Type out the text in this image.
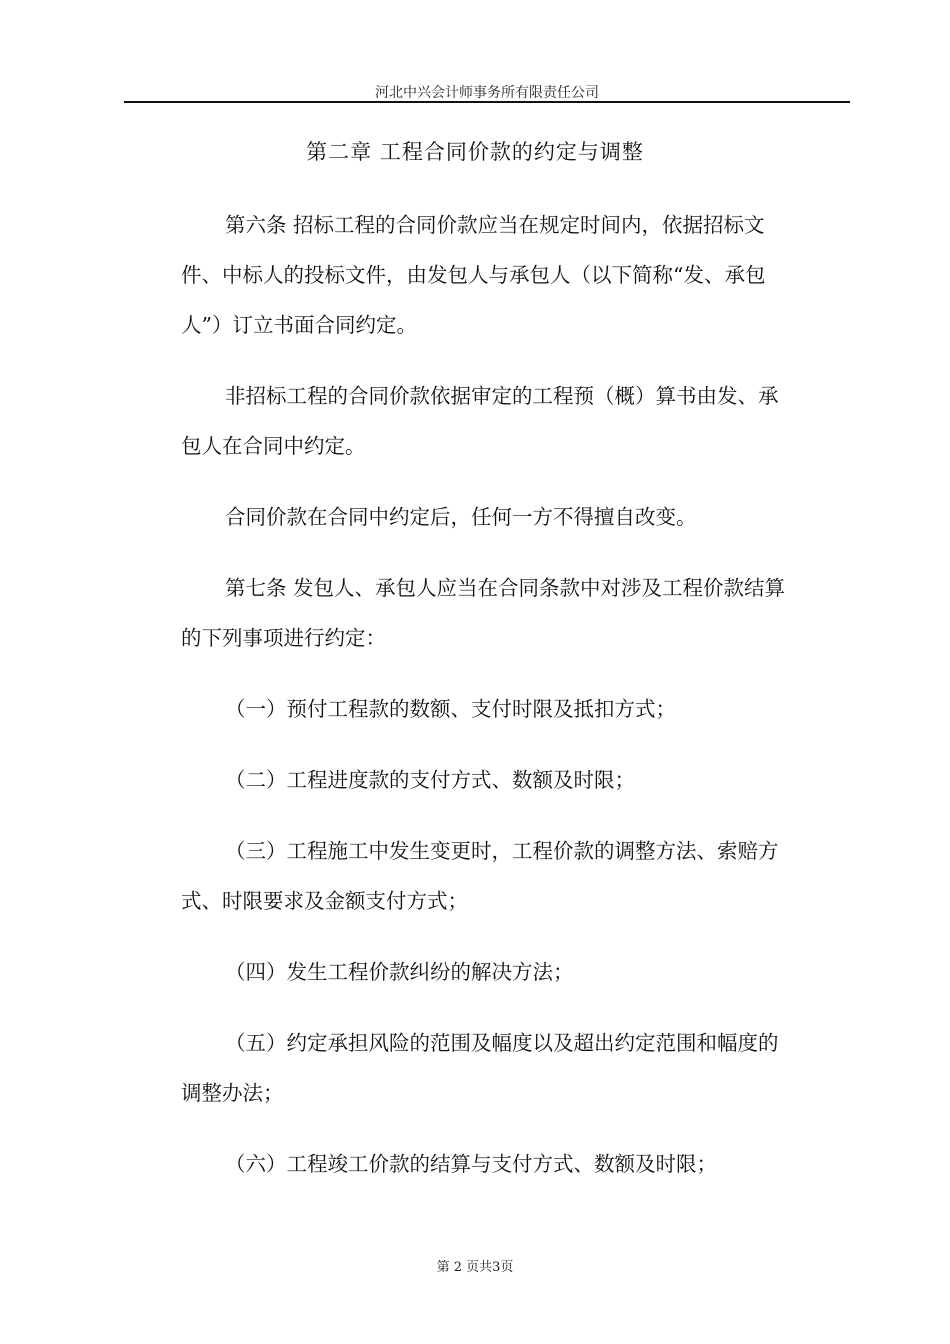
河北中兴会计师事务所有限责任公司
第二章 工程合同价款的约定与调整

第六条 招标工程的合同价款应当在规定时间内，依据招标文件、中标人的投标文件，由发包人与承包人（以下简称“发、承包人”）订立书面合同约定。

非招标工程的合同价款依据审定的工程预（概）算书由发、承包人在合同中约定。

合同价款在合同中约定后，任何一方不得擅自改变。

第七条 发包人、承包人应当在合同条款中对涉及工程价款结算的下列事项进行约定：

（一）预付工程款的数额、支付时限及抵扣方式；

（二）工程进度款的支付方式、数额及时限；

（三）工程施工中发生变更时，工程价款的调整方法、索赔方式、时限要求及金额支付方式；

（四）发生工程价款纠纷的解决方法；

（五）约定承担风险的范围及幅度以及超出约定范围和幅度的调整办法；

（六）工程竣工价款的结算与支付方式、数额及时限；

第 2 页共3页
